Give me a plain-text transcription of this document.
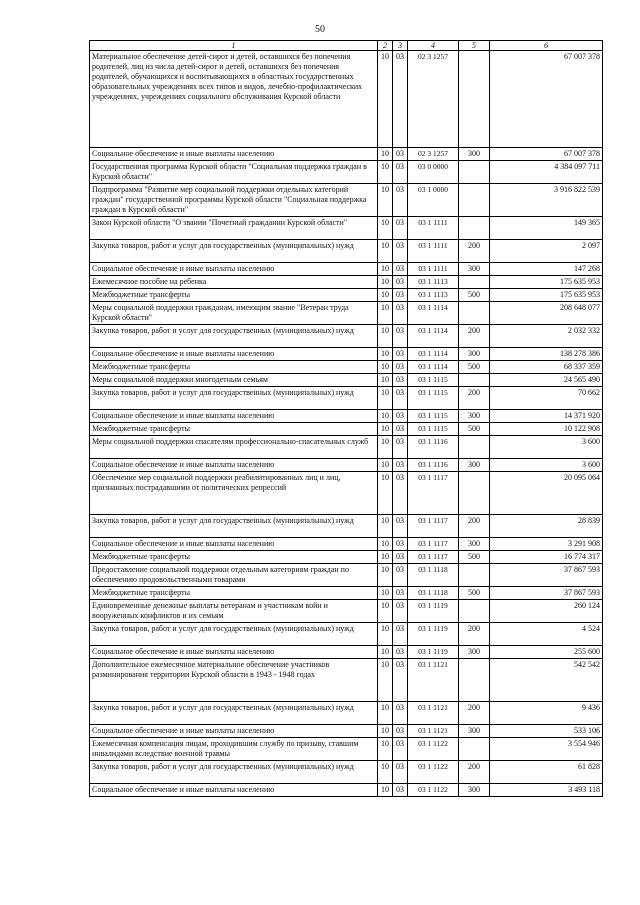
50
1	2	3	4	5	6
Материальное обеспечение детей-сирот и детей, оставшихся без попечения родителей, лиц из числа детей-сирот и детей, оставшихся без попечения родителей, обучающихся и воспитывающихся в областных государственных образовательных учреждениях всех типов и видов, лечебно-профилактических учреждениях, учреждениях социального обслуживания Курской области	10	03	02 3 1257		67 007 378
Социальное обеспечение и иные выплаты населению	10	03	02 3 1257	300	67 007 378
Государственная программа Курской области "Социальная поддержка граждан в Курской области"	10	03	03 0 0000		4 384 097 711
Подпрограмма "Развитие мер социальной поддержки отдельных категорий граждан" государственной программы Курской области "Социальная поддержка граждан в Курской области"	10	03	03 1 0000		3 916 822 539
Закон Курской области "О звании "Почетный гражданин Курской области"	10	03	03 1 1111		149 365
Закупка товаров, работ и услуг для государственных (муниципальных) нужд	10	03	03 1 1111	200	2 097
Социальное обеспечение и иные выплаты населению	10	03	03 1 1111	300	147 268
Ежемесячное пособие на ребенка	10	03	03 1 1113		175 635 953
Межбюджетные трансферты	10	03	03 1 1113	500	175 635 953
Меры социальной поддержки гражданам, имеющим звание "Ветеран труда Курской области"	10	03	03 1 1114		208 648 077
Закупка товаров, работ и услуг для государственных (муниципальных) нужд	10	03	03 1 1114	200	2 032 332
Социальное обеспечение и иные выплаты населению	10	03	03 1 1114	300	138 278 386
Межбюджетные трансферты	10	03	03 1 1114	500	68 337 359
Меры социальной поддержки многодетным семьям	10	03	03 1 1115		24 565 490
Закупка товаров, работ и услуг для государственных (муниципальных) нужд	10	03	03 1 1115	200	70 662
Социальное обеспечение и иные выплаты населению	10	03	03 1 1115	300	14 371 920
Межбюджетные трансферты	10	03	03 1 1115	500	10 122 908
Меры социальной поддержки спасателям профессионально-спасательных служб	10	03	03 1 1116		3 600
Социальное обеспечение и иные выплаты населению	10	03	03 1 1116	300	3 600
Обеспечение мер социальной поддержки реабилитированных лиц и лиц, признанных пострадавшими от политических репрессий	10	03	03 1 1117		20 095 064
Закупка товаров, работ и услуг для государственных (муниципальных) нужд	10	03	03 1 1117	200	28 839
Социальное обеспечение и иные выплаты населению	10	03	03 1 1117	300	3 291 908
Межбюджетные трансферты	10	03	03 1 1117	500	16 774 317
Предоставление социальной поддержки отдельным категориям граждан по обеспечению продовольственными товарами	10	03	03 1 1118		37 867 593
Межбюджетные трансферты	10	03	03 1 1118	500	37 867 593
Единовременные денежные выплаты ветеранам и участникам войн и вооруженных конфликтов и их семьям	10	03	03 1 1119		260 124
Закупка товаров, работ и услуг для государственных (муниципальных) нужд	10	03	03 1 1119	200	4 524
Социальное обеспечение и иные выплаты населению	10	03	03 1 1119	300	255 600
Дополнительное ежемесячное материальное обеспечение участников разминирования территории Курской области в 1943 - 1948 годах	10	03	03 1 1121		542 542
Закупка товаров, работ и услуг для государственных (муниципальных) нужд	10	03	03 1 1121	200	9 436
Социальное обеспечение и иные выплаты населению	10	03	03 1 1121	300	533 106
Ежемесячная компенсация лицам, проходившим службу по призыву, ставшим инвалидами вследствие военной травмы	10	03	03 1 1122		3 554 946
Закупка товаров, работ и услуг для государственных (муниципальных) нужд	10	03	03 1 1122	200	61 828
Социальное обеспечение и иные выплаты населению	10	03	03 1 1122	300	3 493 118
